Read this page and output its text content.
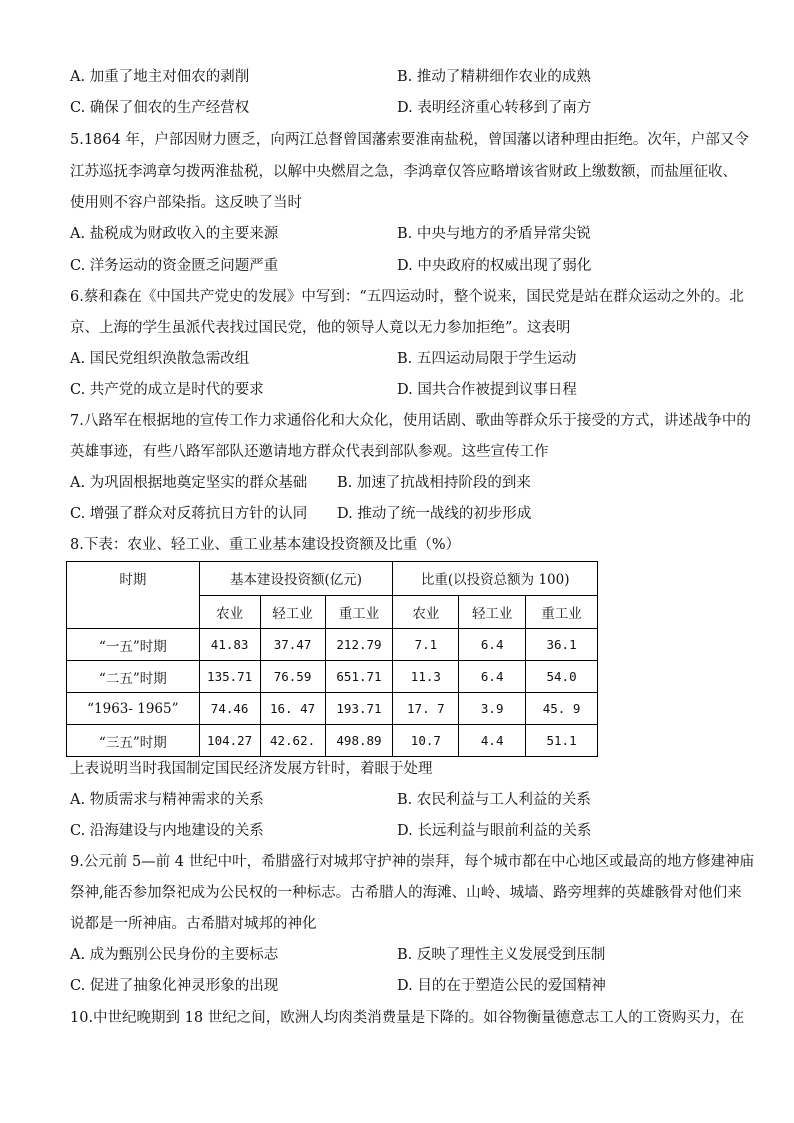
A. 加重了地主对佃农的剥削	B. 推动了精耕细作农业的成熟
C. 确保了佃农的生产经营权	D. 表明经济重心转移到了南方
5.1864 年，户部因财力匮乏，向两江总督曾国藩索要淮南盐税，曾国藩以诸种理由拒绝。次年，户部又令
江苏巡抚李鸿章匀拨两淮盐税，以解中央燃眉之急，李鸿章仅答应略增该省财政上缴数额，而盐厘征收、
使用则不容户部染指。这反映了当时
A. 盐税成为财政收入的主要来源	B. 中央与地方的矛盾异常尖锐
C. 洋务运动的资金匮乏问题严重	D. 中央政府的权威出现了弱化
6.蔡和森在《中国共产党史的发展》中写到：“五四运动时，整个说来，国民党是站在群众运动之外的。北
京、上海的学生虽派代表找过国民党，他的领导人竟以无力参加拒绝”。这表明
A. 国民党组织涣散急需改组	B. 五四运动局限于学生运动
C. 共产党的成立是时代的要求	D. 国共合作被提到议事日程
7.八路军在根据地的宣传工作力求通俗化和大众化，使用话剧、歌曲等群众乐于接受的方式，讲述战争中的
英雄事迹，有些八路军部队还邀请地方群众代表到部队参观。这些宣传工作
A. 为巩固根据地奠定坚实的群众基础 B. 加速了抗战相持阶段的到来
C. 增强了群众对反蒋抗日方针的认同 D. 推动了统一战线的初步形成
8.下表：农业、轻工业、重工业基本建设投资额及比重（%）
时期	基本建设投资额(亿元)			比重(以投资总额为 100)		
	农业	轻工业	重工业	农业	轻工业	重工业
“一五”时期	41.83	37.47	212.79	7.1	6.4	36.1
“二五”时期	135.71	76.59	651.71	11.3	6.4	54.0
“1963- 1965”	74.46	16. 47	193.71	17. 7	3.9	45. 9
“三五”时期	104.27	42.62.	498.89	10.7	4.4	51.1
上表说明当时我国制定国民经济发展方针时，着眼于处理
A. 物质需求与精神需求的关系	B. 农民利益与工人利益的关系
C. 沿海建设与内地建设的关系	D. 长远利益与眼前利益的关系
9.公元前 5—前 4 世纪中叶，希腊盛行对城邦守护神的崇拜，每个城市都在中心地区或最高的地方修建神庙
祭神,能否参加祭祀成为公民权的一种标志。古希腊人的海滩、山岭、城墙、路旁埋葬的英雄骸骨对他们来
说都是一所神庙。古希腊对城邦的神化
A. 成为甄别公民身份的主要标志	B. 反映了理性主义发展受到压制
C. 促进了抽象化神灵形象的出现	D. 目的在于塑造公民的爱国精神
10.中世纪晚期到 18 世纪之间，欧洲人均肉类消费量是下降的。如谷物衡量德意志工人的工资购买力，在
